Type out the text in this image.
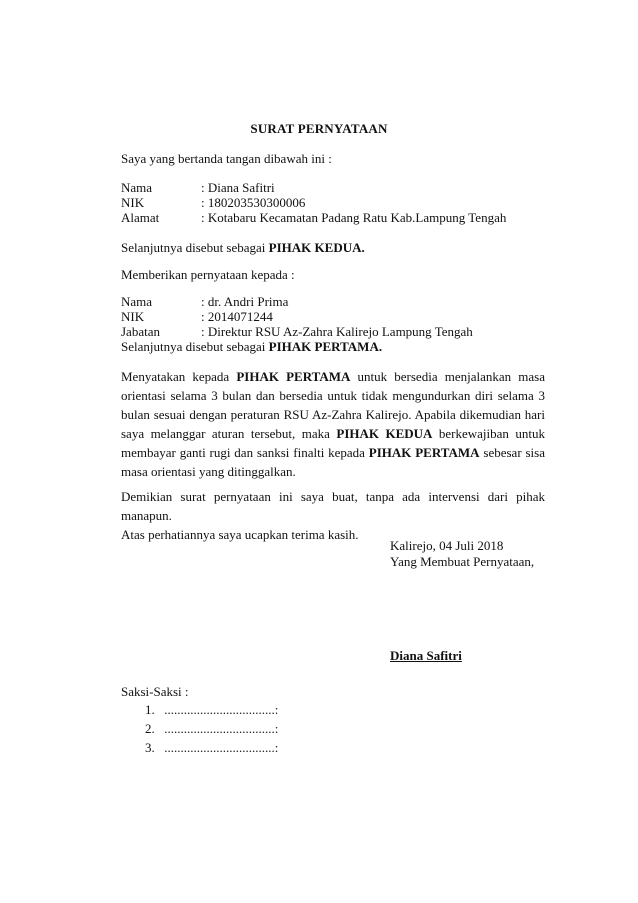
SURAT PERNYATAAN
Saya yang bertanda tangan dibawah ini :
Nama	: Diana Safitri
NIK	: 180203530300006
Alamat	: Kotabaru Kecamatan Padang Ratu Kab.Lampung Tengah
Selanjutnya disebut sebagai PIHAK KEDUA.
Memberikan pernyataan kepada :
Nama	: dr. Andri Prima
NIK	: 2014071244
Jabatan	: Direktur RSU Az-Zahra Kalirejo Lampung Tengah
Selanjutnya disebut sebagai PIHAK PERTAMA.
Menyatakan kepada PIHAK PERTAMA untuk bersedia menjalankan masa
orientasi selama 3 bulan dan bersedia untuk tidak mengundurkan diri selama 3
bulan sesuai dengan peraturan RSU Az-Zahra Kalirejo. Apabila dikemudian hari
saya melanggar aturan tersebut, maka PIHAK KEDUA berkewajiban untuk
membayar ganti rugi dan sanksi finalti kepada PIHAK PERTAMA sebesar sisa
masa orientasi yang ditinggalkan.
Demikian surat pernyataan ini saya buat, tanpa ada intervensi dari pihak manapun.
Atas perhatiannya saya ucapkan terima kasih.
Kalirejo, 04 Juli 2018
Yang Membuat Pernyataan,
Diana Safitri
Saksi-Saksi :
1. ..................................:
2. ..................................:
3. ..................................:
